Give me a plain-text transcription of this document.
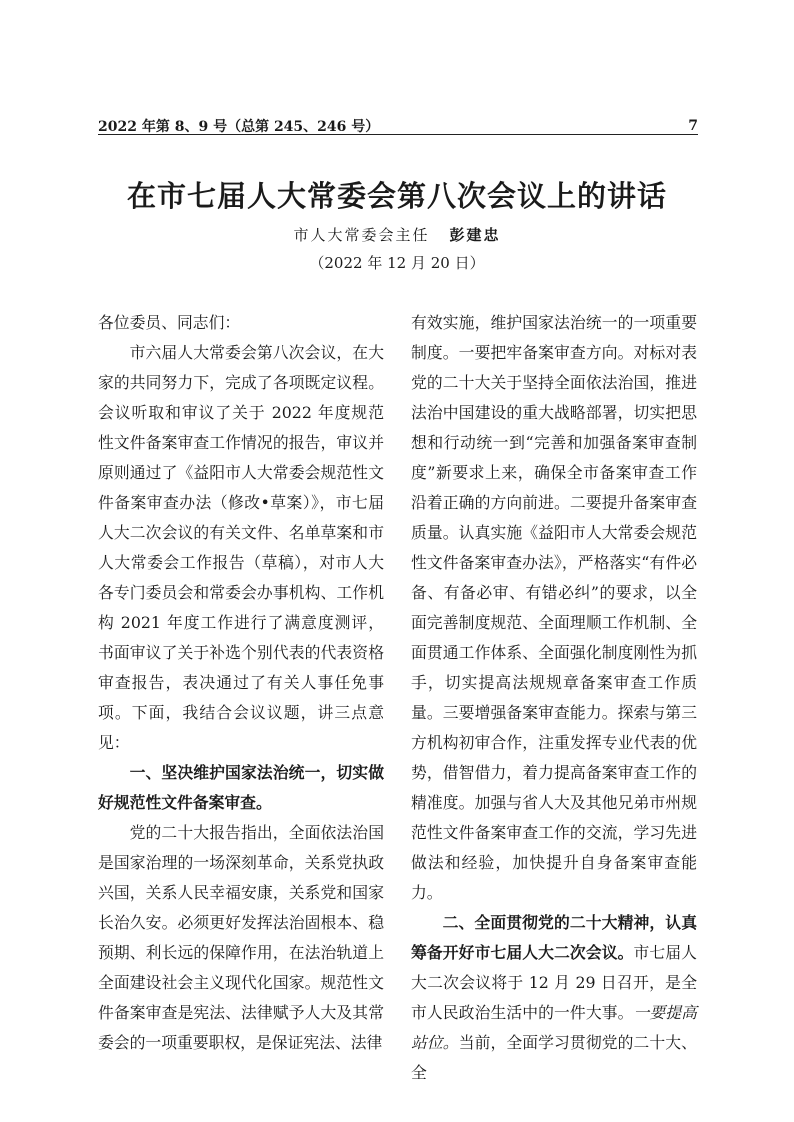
2022 年第 8、9 号（总第 245、246 号）	7
在市七届人大常委会第八次会议上的讲话
市人大常委会主任 彭建忠
（2022 年 12 月 20 日）

各位委员、同志们：

市六届人大常委会第八次会议，在大家的共同努力下，完成了各项既定议程。会议听取和审议了关于 2022 年度规范性文件备案审查工作情况的报告，审议并原则通过了《益阳市人大常委会规范性文件备案审查办法（修改•草案）》，市七届人大二次会议的有关文件、名单草案和市人大常委会工作报告（草稿），对市人大各专门委员会和常委会办事机构、工作机构 2021 年度工作进行了满意度测评，书面审议了关于补选个别代表的代表资格审查报告，表决通过了有关人事任免事项。下面，我结合会议议题，讲三点意见：

一、坚决维护国家法治统一，切实做好规范性文件备案审查。

党的二十大报告指出，全面依法治国是国家治理的一场深刻革命，关系党执政兴国，关系人民幸福安康，关系党和国家长治久安。必须更好发挥法治固根本、稳预期、利长远的保障作用，在法治轨道上全面建设社会主义现代化国家。规范性文件备案审查是宪法、法律赋予人大及其常委会的一项重要职权，是保证宪法、法律

有效实施，维护国家法治统一的一项重要制度。一要把牢备案审查方向。对标对表党的二十大关于坚持全面依法治国，推进法治中国建设的重大战略部署，切实把思想和行动统一到“完善和加强备案审查制度”新要求上来，确保全市备案审查工作沿着正确的方向前进。二要提升备案审查质量。认真实施《益阳市人大常委会规范性文件备案审查办法》，严格落实“有件必备、有备必审、有错必纠”的要求，以全面完善制度规范、全面理顺工作机制、全面贯通工作体系、全面强化制度刚性为抓手，切实提高法规规章备案审查工作质量。三要增强备案审查能力。探索与第三方机构初审合作，注重发挥专业代表的优势，借智借力，着力提高备案审查工作的精准度。加强与省人大及其他兄弟市州规范性文件备案审查工作的交流，学习先进做法和经验，加快提升自身备案审查能力。

二、全面贯彻党的二十大精神，认真筹备开好市七届人大二次会议。市七届人大二次会议将于 12 月 29 日召开，是全市人民政治生活中的一件大事。一要提高站位。当前，全面学习贯彻党的二十大、全
